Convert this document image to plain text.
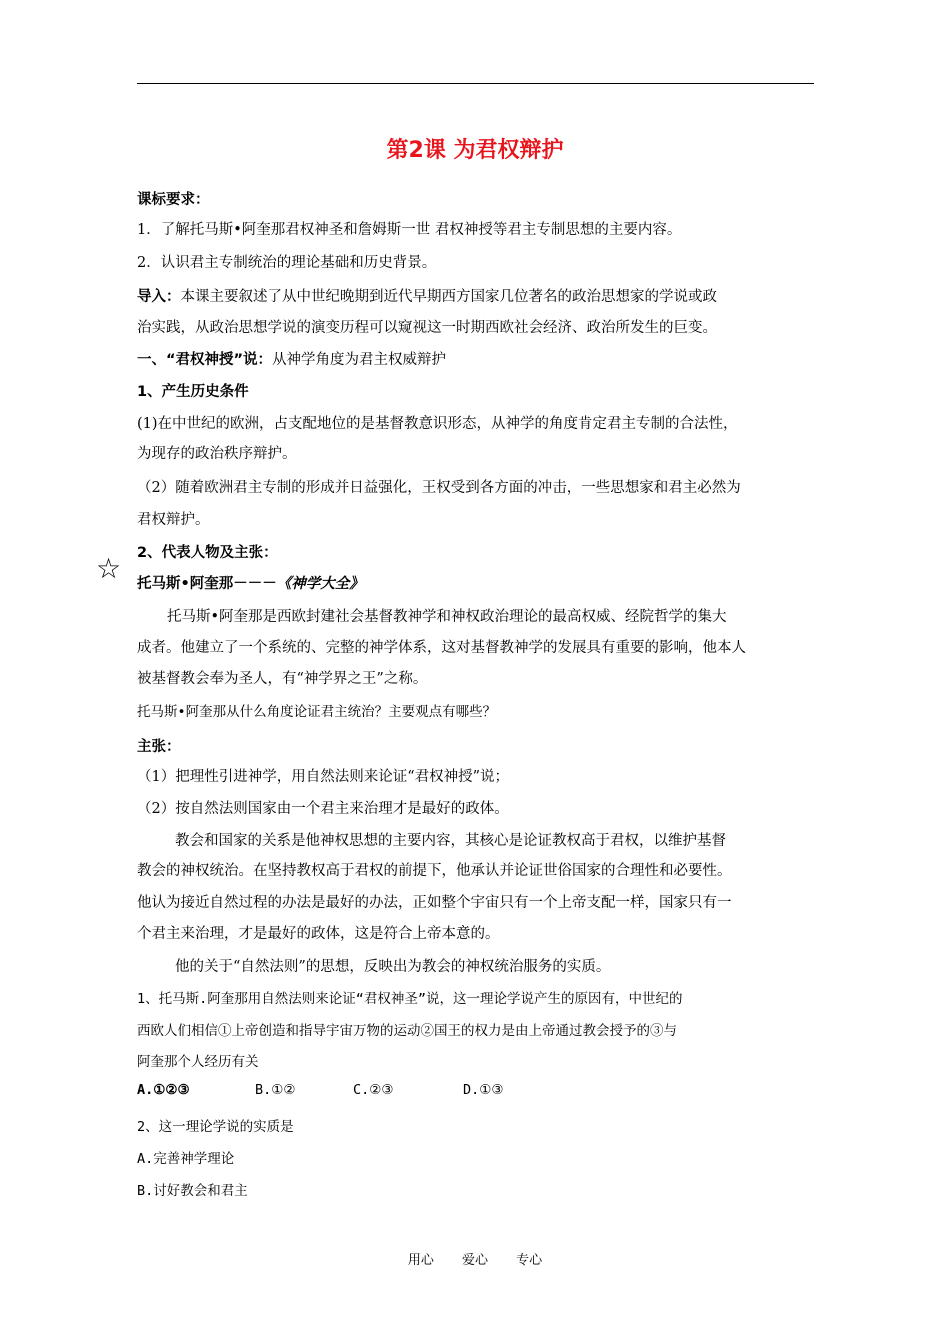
第2课 为君权辩护
课标要求：
1．了解托马斯•阿奎那君权神圣和詹姆斯一世 君权神授等君主专制思想的主要内容。
2．认识君主专制统治的理论基础和历史背景。
导入：本课主要叙述了从中世纪晚期到近代早期西方国家几位著名的政治思想家的学说或政
治实践，从政治思想学说的演变历程可以窥视这一时期西欧社会经济、政治所发生的巨变。
一、“君权神授”说：从神学角度为君主权威辩护
1、产生历史条件
(1)在中世纪的欧洲，占支配地位的是基督教意识形态，从神学的角度肯定君主专制的合法性，
为现存的政治秩序辩护。
（2）随着欧洲君主专制的形成并日益强化，王权受到各方面的冲击，一些思想家和君主必然为
君权辩护。
2、代表人物及主张：
☆ 托马斯•阿奎那－－－《神学大全》
托马斯•阿奎那是西欧封建社会基督教神学和神权政治理论的最高权威、经院哲学的集大
成者。他建立了一个系统的、完整的神学体系，这对基督教神学的发展具有重要的影响，他本人
被基督教会奉为圣人，有“神学界之王”之称。
托马斯•阿奎那从什么角度论证君主统治？主要观点有哪些？
主张：
（1）把理性引进神学，用自然法则来论证“君权神授”说；
（2）按自然法则国家由一个君主来治理才是最好的政体。
教会和国家的关系是他神权思想的主要内容，其核心是论证教权高于君权，以维护基督
教会的神权统治。在坚持教权高于君权的前提下，他承认并论证世俗国家的合理性和必要性。
他认为接近自然过程的办法是最好的办法，正如整个宇宙只有一个上帝支配一样，国家只有一
个君主来治理，才是最好的政体，这是符合上帝本意的。
他的关于“自然法则”的思想，反映出为教会的神权统治服务的实质。
1、托马斯.阿奎那用自然法则来论证“君权神圣”说，这一理论学说产生的原因有，中世纪的
西欧人们相信①上帝创造和指导宇宙万物的运动②国王的权力是由上帝通过教会授予的③与
阿奎那个人经历有关
A.①②③	B.①②	C.②③	D.①③
2、这一理论学说的实质是
A.完善神学理论
B.讨好教会和君主
用心 爱心 专心
